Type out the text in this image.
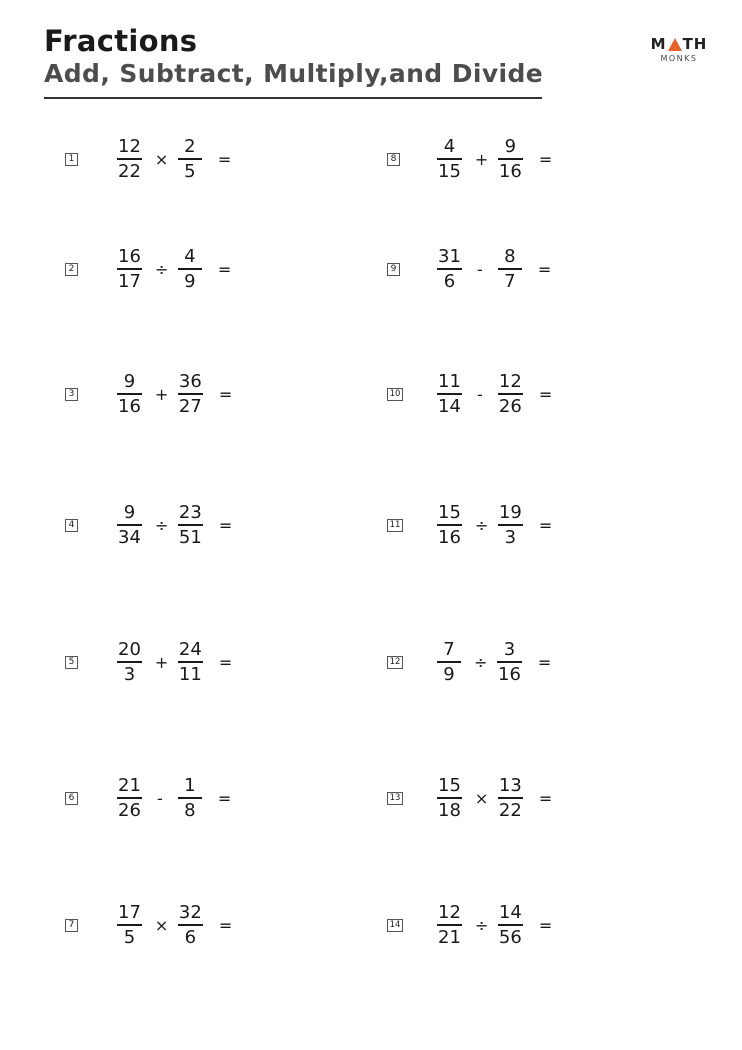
Fractions
Add, Subtract, Multiply,and Divide
M TH
MONKS
$1 \frac{12}{22} \times \frac{2}{5}$ =
$2 \frac{16}{17} \div \frac{4}{9}$ =
$3 \frac{9}{16} + \frac{36}{27}$ =
$4 \frac{9}{34} \div \frac{23}{51}$ =
$5 \frac{20}{3} + \frac{24}{11}$ =
$6 \frac{21}{26} - \frac{1}{8}$ =
$7 \frac{17}{5} \times \frac{32}{6}$ =
$8 \frac{4}{15} + \frac{9}{16}$ =
$9 \frac{31}{6} - \frac{8}{7}$ =
$10 \frac{11}{14} - \frac{12}{26}$ =
$11 \frac{15}{16} \div \frac{19}{3}$ =
$12 \frac{7}{9} \div \frac{3}{16}$ =
$13 \frac{15}{18} \times \frac{13}{22}$ =
$14 \frac{12}{21} \div \frac{14}{56}$ =
